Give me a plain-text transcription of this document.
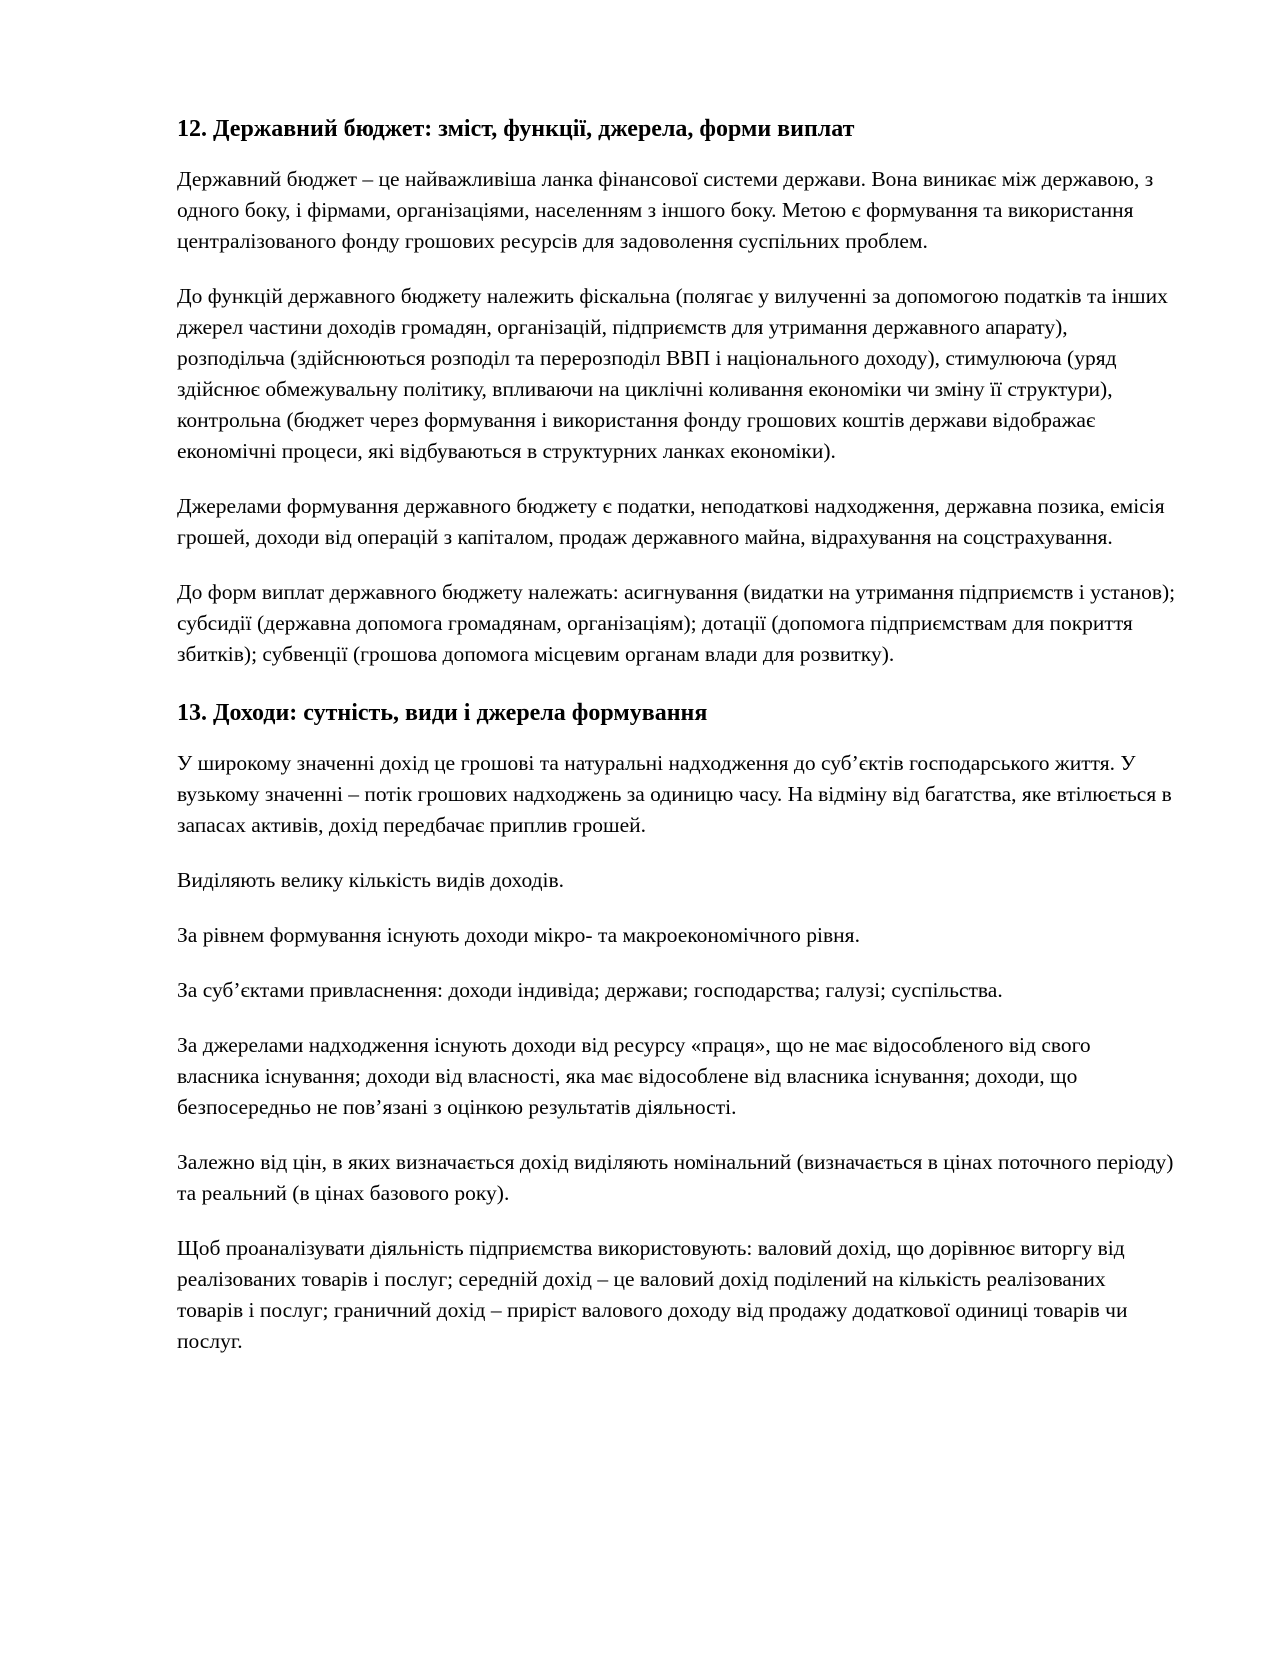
12. Державний бюджет: зміст, функції, джерела, форми виплат

Державний бюджет – це найважливіша ланка фінансової системи держави. Вона виникає між державою, з одного боку, і фірмами, організаціями, населенням з іншого боку. Метою є формування та використання централізованого фонду грошових ресурсів для задоволення суспільних проблем.

До функцій державного бюджету належить фіскальна (полягає у вилученні за допомогою податків та інших джерел частини доходів громадян, організацій, підприємств для утримання державного апарату), розподільча (здійснюються розподіл та перерозподіл ВВП і національного доходу), стимулююча (уряд здійснює обмежувальну політику, впливаючи на циклічні коливання економіки чи зміну її структури), контрольна (бюджет через формування і використання фонду грошових коштів держави відображає економічні процеси, які відбуваються в структурних ланках економіки).

Джерелами формування державного бюджету є податки, неподаткові надходження, державна позика, емісія грошей, доходи від операцій з капіталом, продаж державного майна, відрахування на соцстрахування.

До форм виплат державного бюджету належать: асигнування (видатки на утримання підприємств і установ); субсидії (державна допомога громадянам, організаціям); дотації (допомога підприємствам для покриття збитків); субвенції (грошова допомога місцевим органам влади для розвитку).

13. Доходи: сутність, види і джерела формування

У широкому значенні дохід це грошові та натуральні надходження до суб’єктів господарського життя. У вузькому значенні – потік грошових надходжень за одиницю часу. На відміну від багатства, яке втілюється в запасах активів, дохід передбачає приплив грошей.

Виділяють велику кількість видів доходів.

За рівнем формування існують доходи мікро- та макроекономічного рівня.

За суб’єктами привласнення: доходи індивіда; держави; господарства; галузі; суспільства.

За джерелами надходження існують доходи від ресурсу «праця», що не має відособленого від свого власника існування; доходи від власності, яка має відособлене від власника існування; доходи, що безпосередньо не пов’язані з оцінкою результатів діяльності.

Залежно від цін, в яких визначається дохід виділяють номінальний (визначається в цінах поточного періоду) та реальний (в цінах базового року).

Щоб проаналізувати діяльність підприємства використовують: валовий дохід, що дорівнює виторгу від реалізованих товарів і послуг; середній дохід – це валовий дохід поділений на кількість реалізованих товарів і послуг; граничний дохід – приріст валового доходу від продажу додаткової одиниці товарів чи послуг.
